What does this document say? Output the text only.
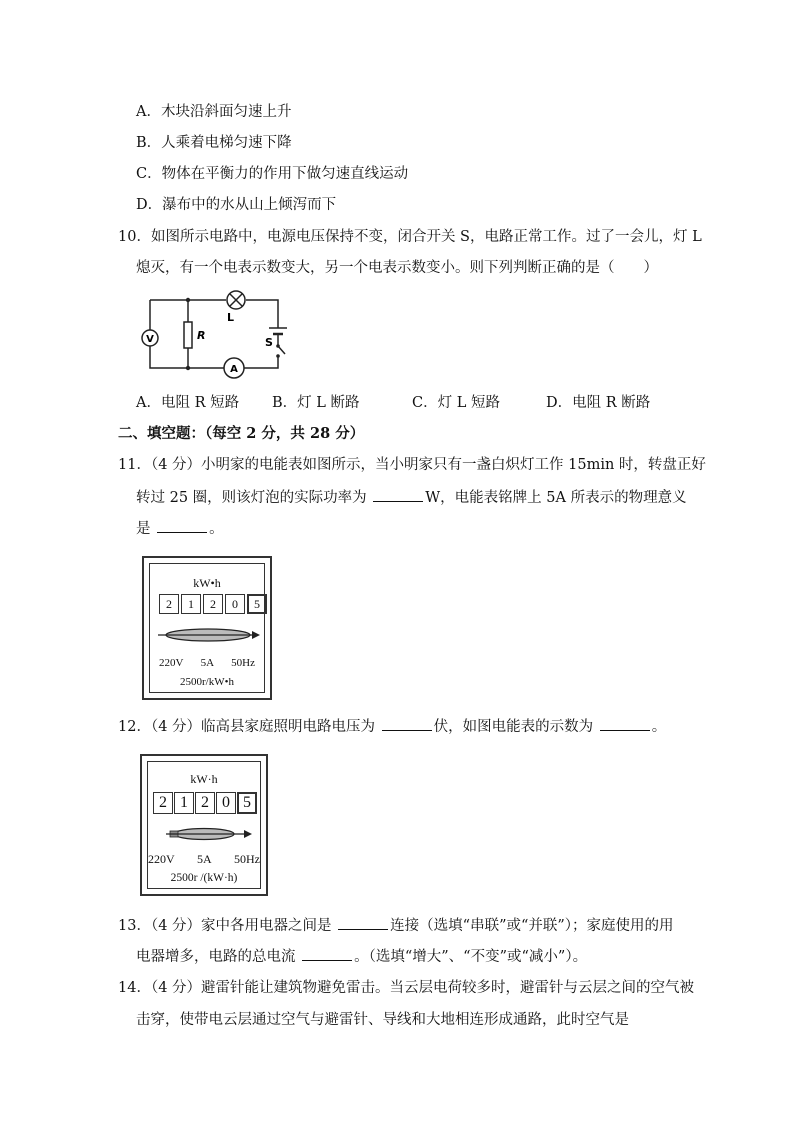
A．木块沿斜面匀速上升
B．人乘着电梯匀速下降
C．物体在平衡力的作用下做匀速直线运动
D．瀑布中的水从山上倾泻而下
10．如图所示电路中，电源电压保持不变，闭合开关 S，电路正常工作。过了一会儿，灯 L
熄灭，有一个电表示数变大，另一个电表示数变小。则下列判断正确的是（　　）
V	R
L
S
A
A．电阻 R 短路 B．灯 L 断路	C．灯 L 短路	D．电阻 R 断路
二、填空题：（每空 2 分，共 28 分）
11．（4 分）小明家的电能表如图所示，当小明家只有一盏白炽灯工作 15min 时，转盘正好
转过 25 圈，则该灯泡的实际功率为	W，电能表铭牌上 5A 所表示的物理意义
是	。
kW•h
2	1	2	0	5
220V 5A 50Hz
2500r/kW•h
12．（4 分）临高县家庭照明电路电压为	伏，如图电能表的示数为	。
kW·h
2 1 2 0 5
220V 5A 50Hz
2500r /(kW·h)
13．（4 分）家中各用电器之间是	连接（选填“串联”或“并联”）；家庭使用的用
电器增多，电路的总电流	。（选填“增大”、“不变”或“减小”）。
14．（4 分）避雷针能让建筑物避免雷击。当云层电荷较多时，避雷针与云层之间的空气被
击穿，使带电云层通过空气与避雷针、导线和大地相连形成通路，此时空气是
